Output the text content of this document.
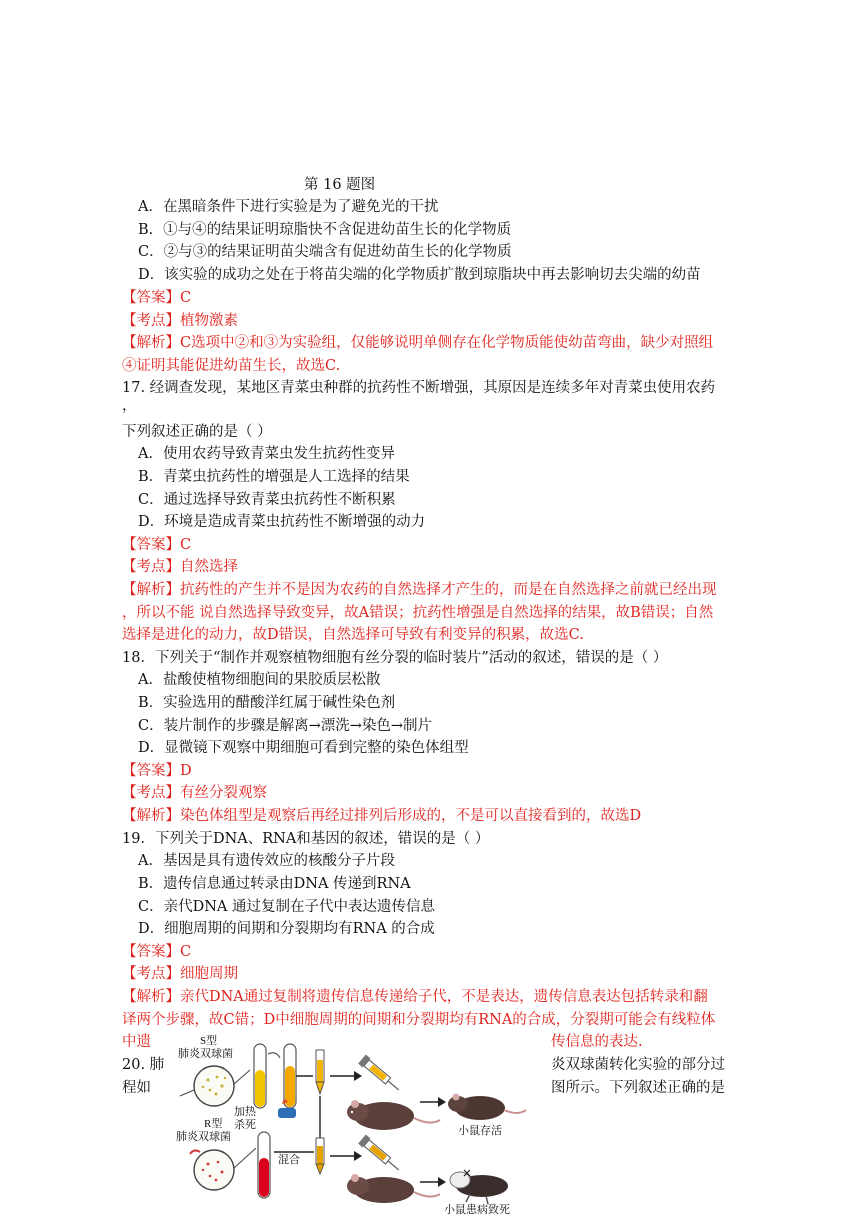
第 16 题图
A．在黑暗条件下进行实验是为了避免光的干扰
B．①与④的结果证明琼脂快不含促进幼苗生长的化学物质
C．②与③的结果证明苗尖端含有促进幼苗生长的化学物质
D．该实验的成功之处在于将苗尖端的化学物质扩散到琼脂块中再去影响切去尖端的幼苗
【答案】C
【考点】植物激素
【解析】C选项中②和③为实验组，仅能够说明单侧存在化学物质能使幼苗弯曲，缺少对照组
④证明其能促进幼苗生长，故选C.
17. 经调查发现，某地区青菜虫种群的抗药性不断增强，其原因是连续多年对青菜虫使用农药
，
下列叙述正确的是（ ）
A．使用农药导致青菜虫发生抗药性变异
B．青菜虫抗药性的增强是人工选择的结果
C．通过选择导致青菜虫抗药性不断积累
D．环境是造成青菜虫抗药性不断增强的动力
【答案】C
【考点】自然选择
【解析】抗药性的产生并不是因为农药的自然选择才产生的，而是在自然选择之前就已经出现
，所以不能 说自然选择导致变异，故A错误；抗药性增强是自然选择的结果，故B错误；自然
选择是进化的动力，故D错误，自然选择可导致有利变异的积累，故选C.
18．下列关于“制作并观察植物细胞有丝分裂的临时装片”活动的叙述，错误的是（ ）
A．盐酸使植物细胞间的果胶质层松散
B．实验选用的醋酸洋红属于碱性染色剂
C．装片制作的步骤是解离→漂洗→染色→制片
D．显微镜下观察中期细胞可看到完整的染色体组型
【答案】D
【考点】有丝分裂观察
【解析】染色体组型是观察后再经过排列后形成的，不是可以直接看到的，故选D
19．下列关于DNA、RNA和基因的叙述，错误的是（ ）
A．基因是具有遗传效应的核酸分子片段
B．遗传信息通过转录由DNA 传递到RNA
C．亲代DNA 通过复制在子代中表达遗传信息
D．细胞周期的间期和分裂期均有RNA 的合成
【答案】C
【考点】细胞周期
【解析】亲代DNA通过复制将遗传信息传递给子代，不是表达，遗传信息表达包括转录和翻
译两个步骤，故C错；D中细胞周期的间期和分裂期均有RNA的合成，分裂期可能会有线粒体
中遗	传信息的表达.
20. 肺
程如
炎双球菌转化实验的部分过
图所示。下列叙述正确的是
S型
肺炎双球菌
R型
肺炎双球菌
加热
杀死	小鼠存活
混合
小鼠患病致死
